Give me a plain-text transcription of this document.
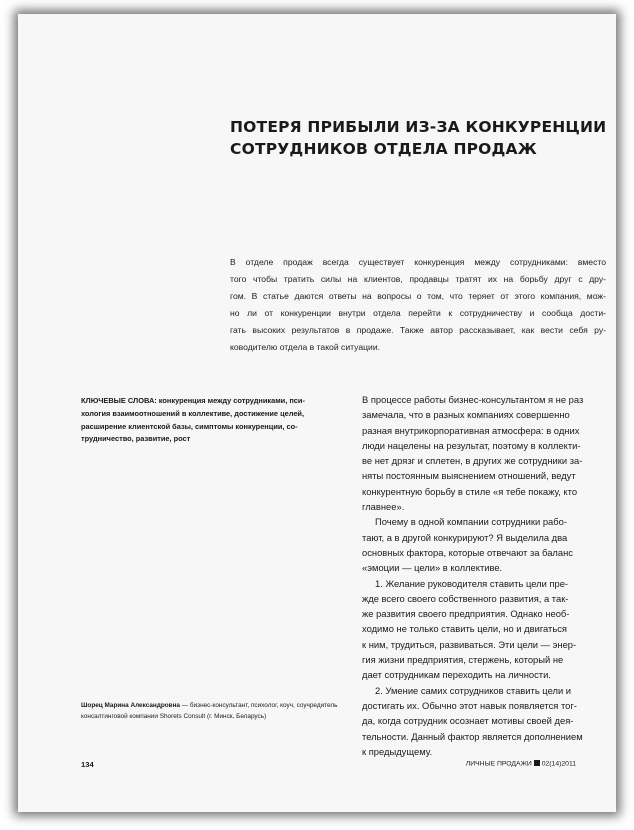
ПОТЕРЯ ПРИБЫЛИ ИЗ-ЗА КОНКУРЕНЦИИ
СОТРУДНИКОВ ОТДЕЛА ПРОДАЖ
В отделе продаж всегда существует конкуренция между сотрудниками: вместо
того чтобы тратить силы на клиентов, продавцы тратят их на борьбу друг с дру-
гом. В статье даются ответы на вопросы о том, что теряет от этого компания, мож-
но ли от конкуренции внутри отдела перейти к сотрудничеству и сообща дости-
гать высоких результатов в продаже. Также автор рассказывает, как вести себя ру-
ководителю отдела в такой ситуации.
КЛЮЧЕВЫЕ СЛОВА: конкуренция между сотрудниками, пси-
хология взаимоотношений в коллективе, достижение целей,
расширение клиентской базы, симптомы конкуренции, со-
трудничество, развитие, рост
В процессе работы бизнес-консультантом я не раз
замечала, что в разных компаниях совершенно
разная внутрикорпоративная атмосфера: в одних
люди нацелены на результат, поэтому в коллекти-
ве нет дрязг и сплетен, в других же сотрудники за-
няты постоянным выяснением отношений, ведут
конкурентную борьбу в стиле «я тебе покажу, кто
главнее».
Почему в одной компании сотрудники рабо-
тают, а в другой конкурируют? Я выделила два
основных фактора, которые отвечают за баланс
«эмоции — цели» в коллективе.
1. Желание руководителя ставить цели пре-
жде всего своего собственного развития, а так-
же развития своего предприятия. Однако необ-
ходимо не только ставить цели, но и двигаться
к ним, трудиться, развиваться. Эти цели — энер-
гия жизни предприятия, стержень, который не
дает сотрудникам переходить на личности.
2. Умение самих сотрудников ставить цели и
достигать их. Обычно этот навык появляется тог-
да, когда сотрудник осознает мотивы своей дея-
тельности. Данный фактор является дополнением
к предыдущему.
Шорец Марина Александровна — бизнес-консультант, психолог, коуч, соучредитель
консалтинговой компании Shorets Consult (г. Минск, Беларусь)
134	ЛИЧНЫЕ ПРОДАЖИ 02(14)2011
